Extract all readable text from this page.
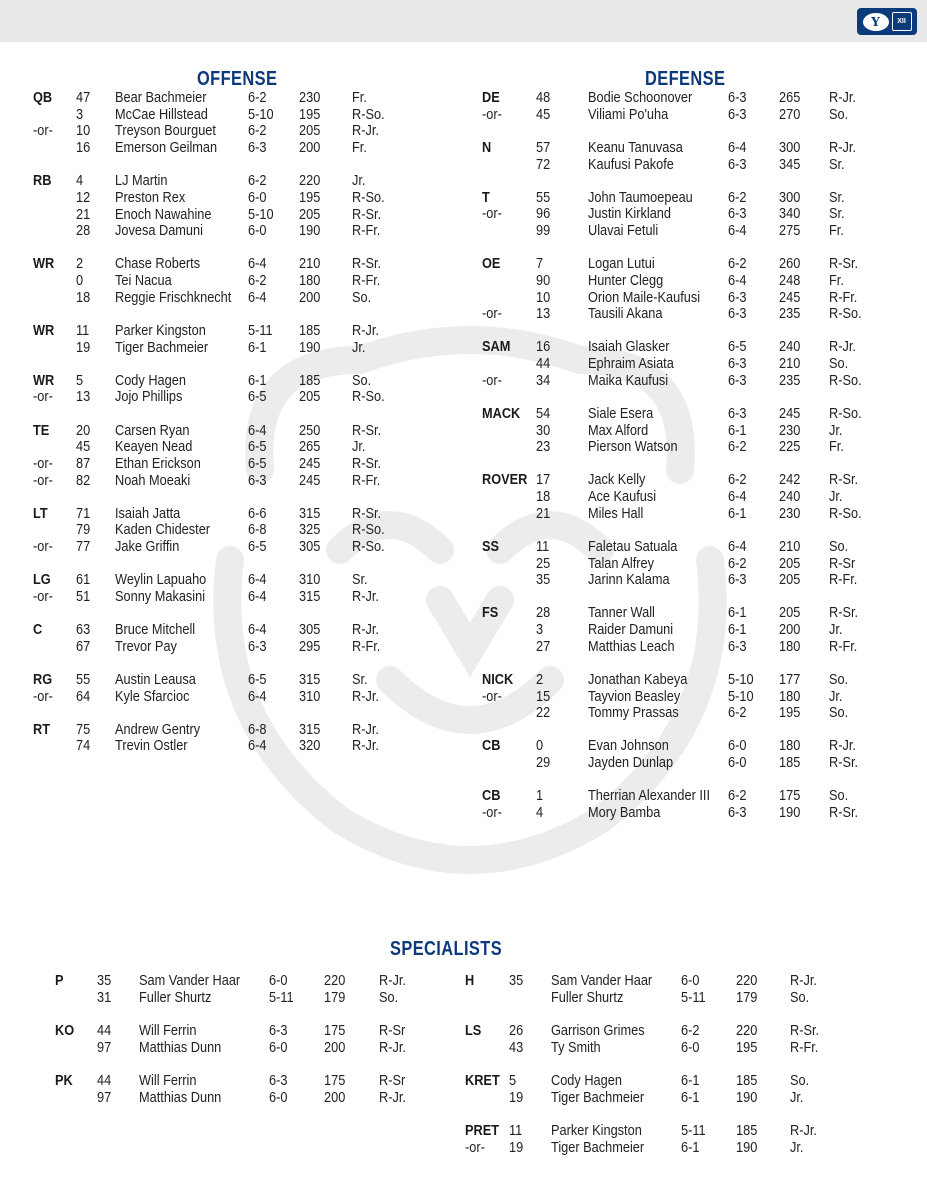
Y	XII
OFFENSE	DEFENSE
SPECIALISTS
QB 47 Bear Bachmeier	6-2 230 Fr.
3 McCae Hillstead	5-10 195 R-So.
-or- 10 Treyson Bourguet 6-2 205 R-Jr.
16 Emerson Geilman 6-3 200 Fr.
RB 4 LJ Martin	6-2 220 Jr.
12 Preston Rex	6-0 195 R-So.
21 Enoch Nawahine	5-10 205 R-Sr.
28 Jovesa Damuni	6-0 190 R-Fr.
WR 2 Chase Roberts	6-4 210 R-Sr.
0 Tei Nacua	6-2 180 R-Fr.
18 Reggie Frischknecht 6-4 200 So.
WR 11 Parker Kingston	5-11 185 R-Jr.
19 Tiger Bachmeier	6-1 190 Jr.
WR 5 Cody Hagen	6-1 185 So.
-or- 13 Jojo Phillips	6-5 205 R-So.
TE 20 Carsen Ryan	6-4 250 R-Sr.
45 Keayen Nead	6-5 265 Jr.
-or- 87 Ethan Erickson	6-5 245 R-Sr.
-or- 82 Noah Moeaki	6-3 245 R-Fr.
LT 71 Isaiah Jatta	6-6 315 R-Sr.
79 Kaden Chidester	6-8 325 R-So.
-or- 77 Jake Griffin	6-5 305 R-So.
LG 61 Weylin Lapuaho	6-4 310 Sr.
-or- 51 Sonny Makasini	6-4 315 R-Jr.
C 63 Bruce Mitchell	6-4 305 R-Jr.
67 Trevor Pay	6-3 295 R-Fr.
RG 55 Austin Leausa	6-5 315 Sr.
-or- 64 Kyle Sfarcioc	6-4 310 R-Jr.
RT 75 Andrew Gentry	6-8 315 R-Jr.
74 Trevin Ostler	6-4 320 R-Jr.
DE	48	Bodie Schoonover 6-3 265 R-Jr.
-or- 45	Viliami Po'uha	6-3 270 So.
N	57	Keanu Tanuvasa	6-4 300 R-Jr.
72	Kaufusi Pakofe	6-3 345 Sr.
T	55	John Taumoepeau 6-2 300 Sr.
-or- 96	Justin Kirkland	6-3 340 Sr.
99	Ulavai Fetuli	6-4 275 Fr.
OE 7	Logan Lutui	6-2 260 R-Sr.
90	Hunter Clegg	6-4 248 Fr.
10	Orion Maile-Kaufusi 6-3 245 R-Fr.
-or- 13	Tausili Akana	6-3 235 R-So.
SAM 16	Isaiah Glasker	6-5 240 R-Jr.
44	Ephraim Asiata	6-3 210 So.
-or- 34	Maika Kaufusi	6-3 235 R-So.
MACK 54	Siale Esera	6-3 245 R-So.
30	Max Alford	6-1 230 Jr.
23	Pierson Watson	6-2 225 Fr.
ROVER 17	Jack Kelly	6-2 242 R-Sr.
18	Ace Kaufusi	6-4 240 Jr.
21	Miles Hall	6-1 230 R-So.
SS	11	Faletau Satuala	6-4 210 So.
25	Talan Alfrey	6-2 205 R-Sr
35	Jarinn Kalama	6-3 205 R-Fr.
FS	28	Tanner Wall	6-1 205 R-Sr.
3	Raider Damuni	6-1 200 Jr.
27	Matthias Leach	6-3 180 R-Fr.
NICK 2	Jonathan Kabeya	5-10 177 So.
-or- 15	Tayvion Beasley	5-10 180 Jr.
22	Tommy Prassas	6-2 195 So.
CB 0	Evan Johnson	6-0 180 R-Jr.
29	Jayden Dunlap	6-0 185 R-Sr.
CB 1	Therrian Alexander III 6-2 175 So.
-or- 4	Mory Bamba	6-3 190 R-Sr.
P 35 Sam Vander Haar 6-0	220 R-Jr.
31 Fuller Shurtz	5-11 179 So.
KO 44 Will Ferrin	6-3	175 R-Sr
97 Matthias Dunn	6-0	200 R-Jr.
PK 44 Will Ferrin	6-3	175 R-Sr
97 Matthias Dunn	6-0	200 R-Jr.
H 35 Sam Vander Haar 6-0	220 R-Jr.
Fuller Shurtz	5-11 179 So.
LS 26 Garrison Grimes	6-2	220 R-Sr.
43 Ty Smith	6-0	195 R-Fr.
KRET 5 Cody Hagen	6-1	185 So.
19 Tiger Bachmeier	6-1	190 Jr.
PRET 11 Parker Kingston	5-11 185 R-Jr.
-or- 19 Tiger Bachmeier	6-1	190 Jr.
